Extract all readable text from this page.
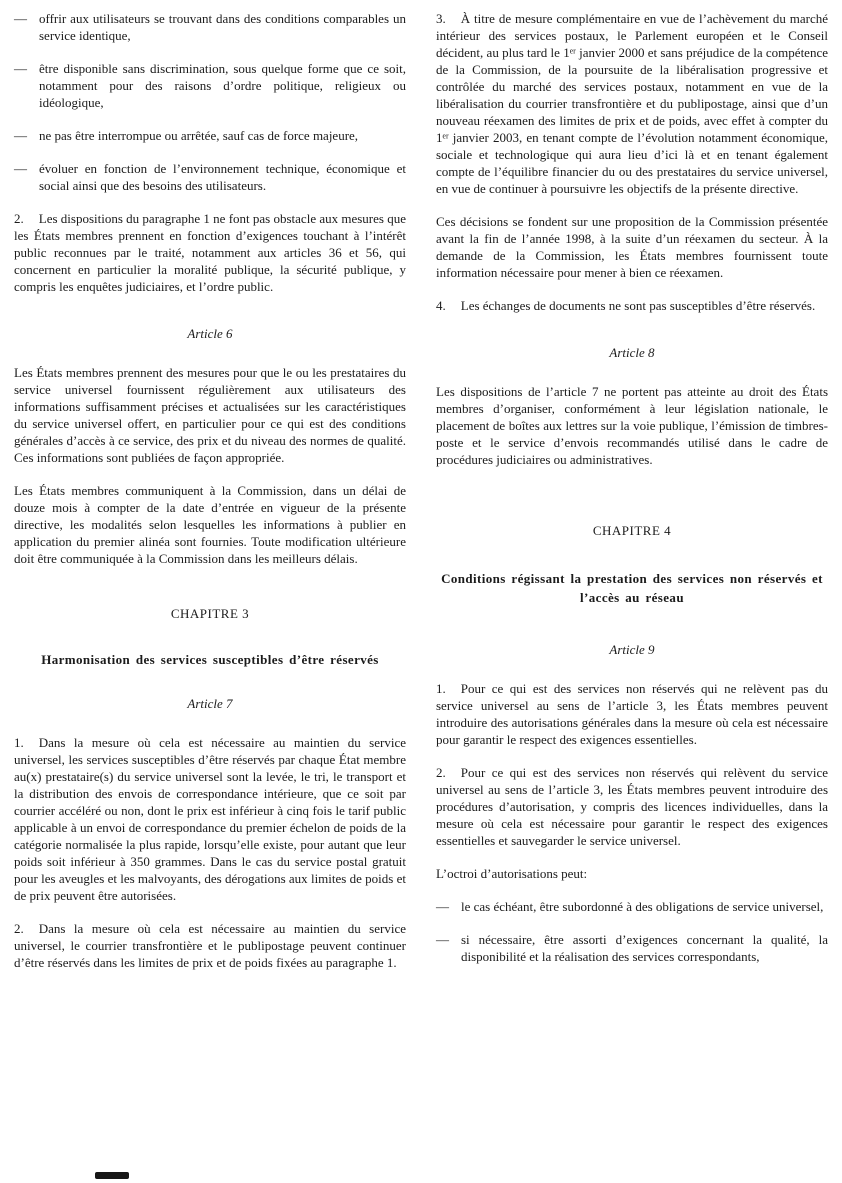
— offrir aux utilisateurs se trouvant dans des conditions comparables un service identique,
— être disponible sans discrimination, sous quelque forme que ce soit, notamment pour des raisons d’ordre politique, religieux ou idéologique,
— ne pas être interrompue ou arrêtée, sauf cas de force majeure,
— évoluer en fonction de l’environnement technique, économique et social ainsi que des besoins des utilisateurs.

2. Les dispositions du paragraphe 1 ne font pas obstacle aux mesures que les États membres prennent en fonction d’exigences touchant à l’intérêt public reconnues par le traité, notamment aux articles 36 et 56, qui concernent en particulier la moralité publique, la sécurité publique, y compris les enquêtes judiciaires, et l’ordre public.

Article 6

Les États membres prennent des mesures pour que le ou les prestataires du service universel fournissent régulièrement aux utilisateurs des informations suffisamment précises et actualisées sur les caractéristiques du service universel offert, en particulier pour ce qui est des conditions générales d’accès à ce service, des prix et du niveau des normes de qualité. Ces informations sont publiées de façon appropriée.

Les États membres communiquent à la Commission, dans un délai de douze mois à compter de la date d’entrée en vigueur de la présente directive, les modalités selon lesquelles les informations à publier en application du premier alinéa sont fournies. Toute modification ultérieure doit être communiquée à la Commission dans les meilleurs délais.

CHAPITRE 3
Harmonisation des services susceptibles d’être réservés
Article 7

1. Dans la mesure où cela est nécessaire au maintien du service universel, les services susceptibles d’être réservés par chaque État membre au(x) prestataire(s) du service universel sont la levée, le tri, le transport et la distribution des envois de correspondance intérieure, que ce soit par courrier accéléré ou non, dont le prix est inférieur à cinq fois le tarif public applicable à un envoi de correspondance du premier échelon de poids de la catégorie normalisée la plus rapide, lorsqu’elle existe, pour autant que leur poids soit inférieur à 350 grammes. Dans le cas du service postal gratuit pour les aveugles et les malvoyants, des dérogations aux limites de poids et de prix peuvent être autorisées.

2. Dans la mesure où cela est nécessaire au maintien du service universel, le courrier transfrontière et le publipostage peuvent continuer d’être réservés dans les limites de prix et de poids fixées au paragraphe 1.

3. À titre de mesure complémentaire en vue de l’achèvement du marché intérieur des services postaux, le Parlement européen et le Conseil décident, au plus tard le 1ᵉʳ janvier 2000 et sans préjudice de la compétence de la Commission, de la poursuite de la libéralisation progressive et contrôlée du marché des services postaux, notamment en vue de la libéralisation du courrier transfrontière et du publipostage, ainsi que d’un nouveau réexamen des limites de prix et de poids, avec effet à compter du 1ᵉʳ janvier 2003, en tenant compte de l’évolution notamment économique, sociale et technologique qui aura lieu d’ici là et en tenant également compte de l’équilibre financier du ou des prestataires du service universel, en vue de continuer à poursuivre les objectifs de la présente directive.

Ces décisions se fondent sur une proposition de la Commission présentée avant la fin de l’année 1998, à la suite d’un réexamen du secteur. À la demande de la Commission, les États membres fournissent toute information nécessaire pour mener à bien ce réexamen.

4. Les échanges de documents ne sont pas susceptibles d’être réservés.

Article 8

Les dispositions de l’article 7 ne portent pas atteinte au droit des États membres d’organiser, conformément à leur législation nationale, le placement de boîtes aux lettres sur la voie publique, l’émission de timbres-poste et le service d’envois recommandés utilisé dans le cadre de procédures judiciaires ou administratives.

CHAPITRE 4
Conditions régissant la prestation des services non réservés et l’accès au réseau
Article 9

1. Pour ce qui est des services non réservés qui ne relèvent pas du service universel au sens de l’article 3, les États membres peuvent introduire des autorisations générales dans la mesure où cela est nécessaire pour garantir le respect des exigences essentielles.

2. Pour ce qui est des services non réservés qui relèvent du service universel au sens de l’article 3, les États membres peuvent introduire des procédures d’autorisation, y compris des licences individuelles, dans la mesure où cela est nécessaire pour garantir le respect des exigences essentielles et sauvegarder le service universel.

L’octroi d’autorisations peut:

— le cas échéant, être subordonné à des obligations de service universel,
— si nécessaire, être assorti d’exigences concernant la qualité, la disponibilité et la réalisation des services correspondants,
